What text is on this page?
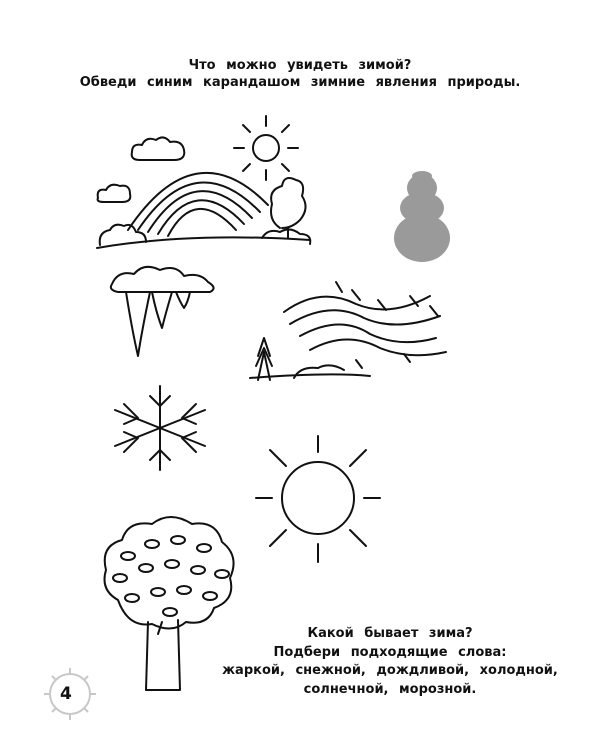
Что можно увидеть зимой?
Обведи синим карандашом зимние явления природы.
4
Какой бывает зима?
Подбери подходящие слова:
жаркой, снежной, дождливой, холодной,
солнечной, морозной.
